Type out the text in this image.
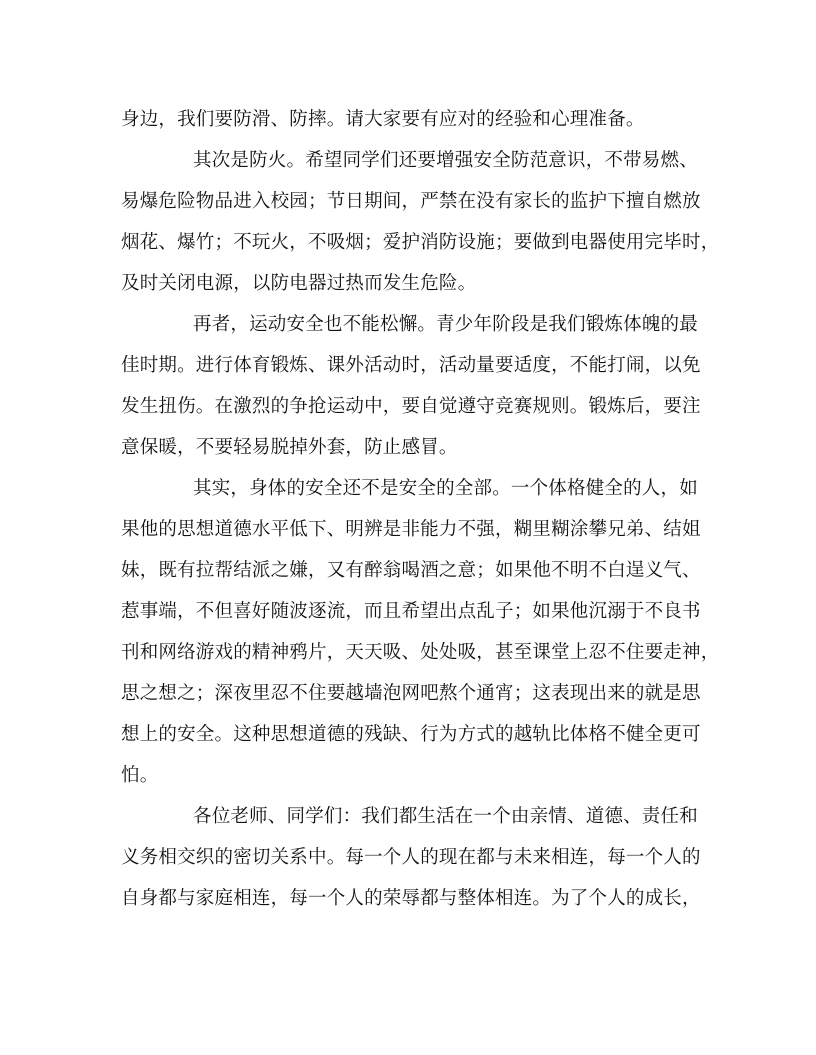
身边，我们要防滑、防摔。请大家要有应对的经验和心理准备。
其次是防火。希望同学们还要增强安全防范意识，不带易燃、
易爆危险物品进入校园；节日期间，严禁在没有家长的监护下擅自燃放
烟花、爆竹；不玩火，不吸烟；爱护消防设施；要做到电器使用完毕时，
及时关闭电源，以防电器过热而发生危险。
再者，运动安全也不能松懈。青少年阶段是我们锻炼体魄的最
佳时期。进行体育锻炼、课外活动时，活动量要适度，不能打闹，以免
发生扭伤。在激烈的争抢运动中，要自觉遵守竞赛规则。锻炼后，要注
意保暖，不要轻易脱掉外套，防止感冒。
其实，身体的安全还不是安全的全部。一个体格健全的人，如
果他的思想道德水平低下、明辨是非能力不强，糊里糊涂攀兄弟、结姐
妹，既有拉帮结派之嫌，又有醉翁喝酒之意；如果他不明不白逞义气、
惹事端，不但喜好随波逐流，而且希望出点乱子；如果他沉溺于不良书
刊和网络游戏的精神鸦片，天天吸、处处吸，甚至课堂上忍不住要走神，
思之想之；深夜里忍不住要越墙泡网吧熬个通宵；这表现出来的就是思
想上的安全。这种思想道德的残缺、行为方式的越轨比体格不健全更可
怕。
各位老师、同学们：我们都生活在一个由亲情、道德、责任和
义务相交织的密切关系中。每一个人的现在都与未来相连，每一个人的
自身都与家庭相连，每一个人的荣辱都与整体相连。为了个人的成长，
